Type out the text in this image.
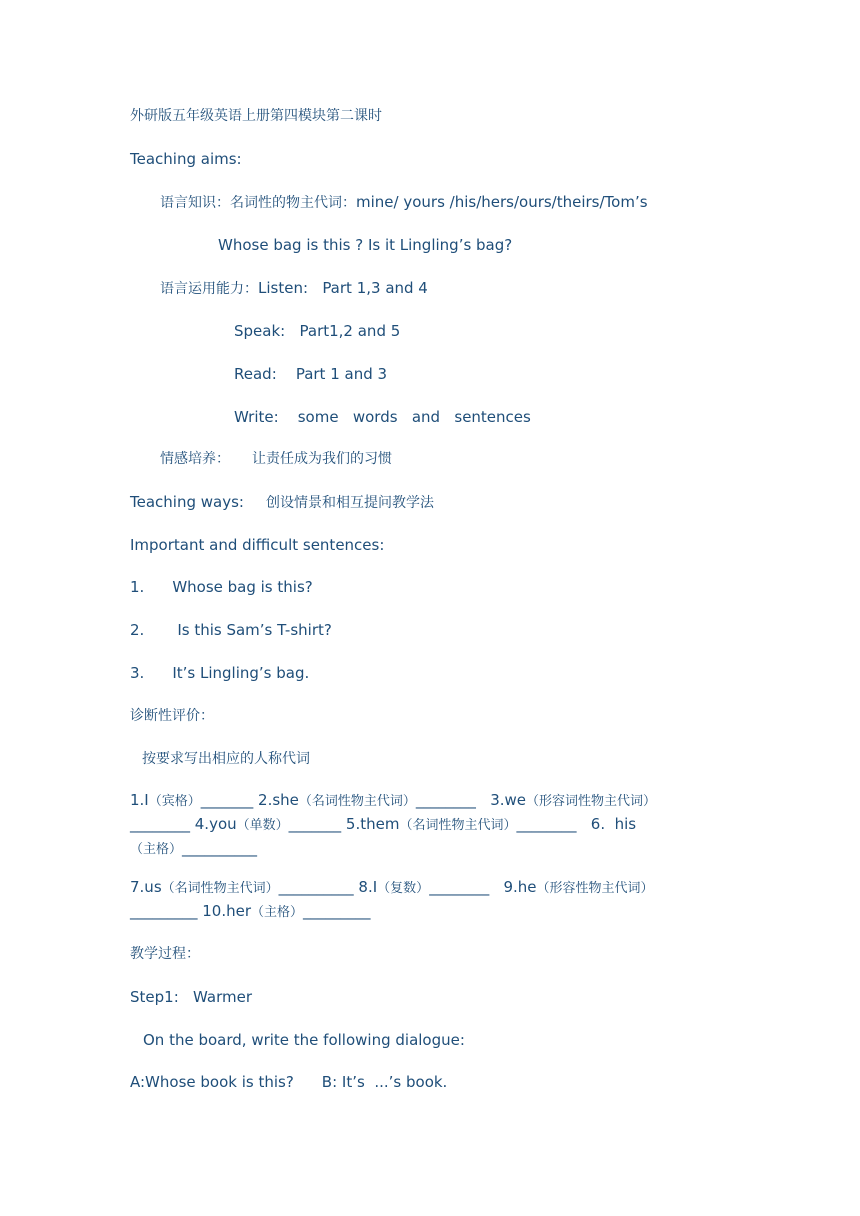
外研版五年级英语上册第四模块第二课时
Teaching aims:
语言知识：名词性的物主代词：mine/ yours /his/hers/ours/theirs/Tom’s
Whose bag is this ? Is it Lingling’s bag?
语言运用能力：Listen:   Part 1,3 and 4
Speak:   Part1,2 and 5
Read:    Part 1 and 3
Write:    some   words   and   sentences
情感培养： 让责任成为我们的习惯
Teaching ways: 创设情景和相互提问教学法
Important and difficult sentences:
1. Whose bag is this?
2. Is this Sam’s T-shirt?
3. It’s Lingling’s bag.
诊断性评价：
按要求写出相应的人称代词
1.I（宾格）_______ 2.she（名词性物主代词）________   3.we（形容词性物主代词）
________ 4.you（单数）_______ 5.them（名词性物主代词）________   6.  his
（主格）__________
7.us（名词性物主代词）__________ 8.I（复数）________   9.he（形容性物主代词）
_________ 10.her（主格）_________
教学过程：
Step1:   Warmer
On the board, write the following dialogue:
A:Whose book is this? B: It’s  ...’s book.
